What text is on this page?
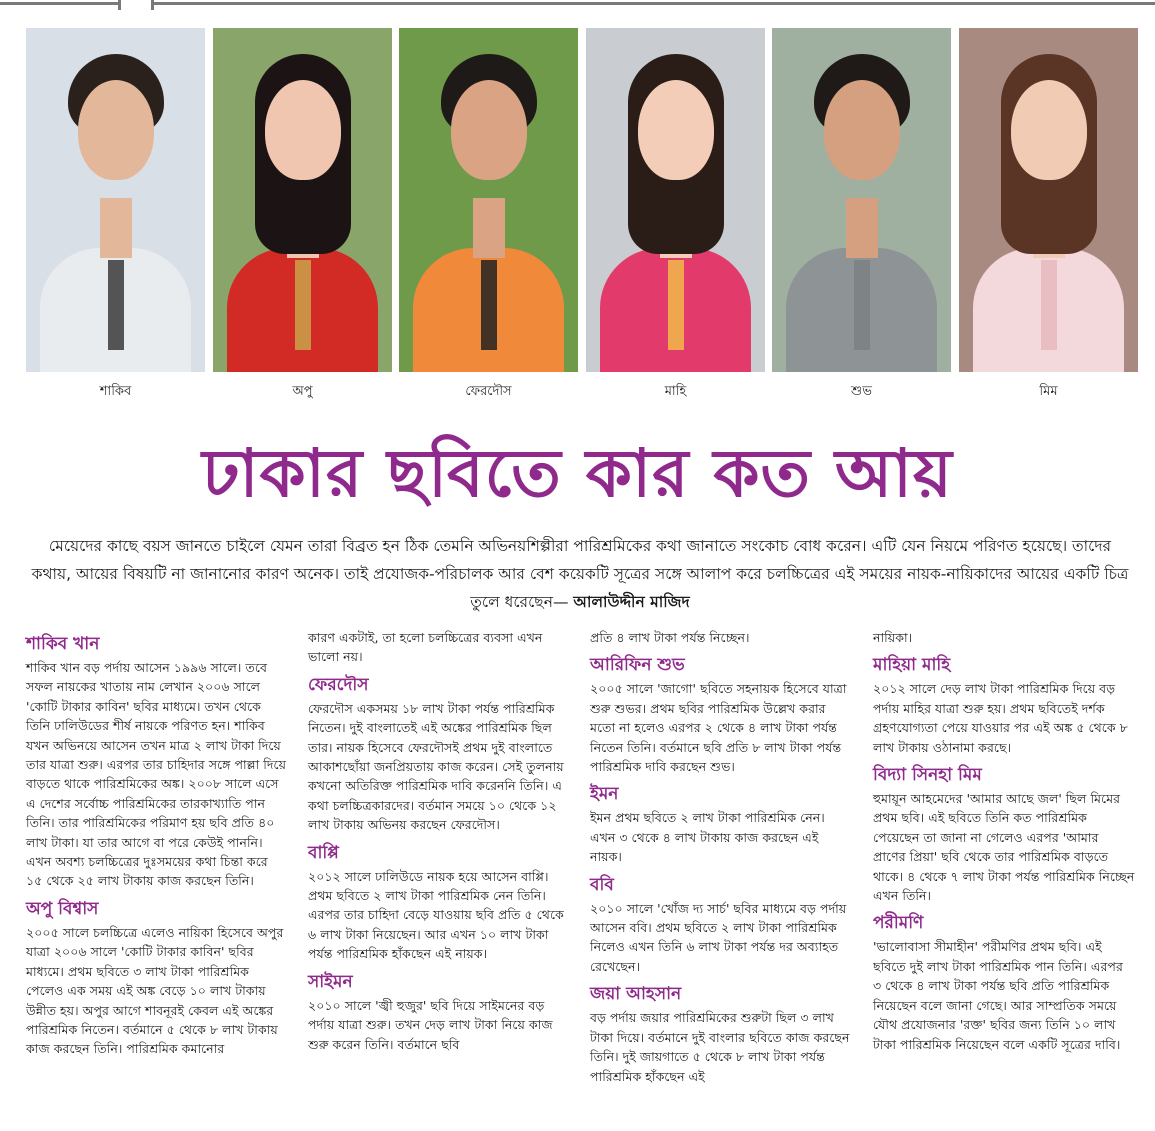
শাকিব	অপু	ফেরদৌস	মাহি	শুভ	মিম
ঢাকার ছবিতে কার কত আয়
মেয়েদের কাছে বয়স জানতে চাইলে যেমন তারা বিব্রত হন ঠিক তেমনি অভিনয়শিল্পীরা পারিশ্রমিকের কথা জানাতে সংকোচ বোধ করেন। এটি যেন নিয়মে পরিণত হয়েছে। তাদের কথায়, আয়ের বিষয়টি না জানানোর কারণ অনেক। তাই প্রযোজক-পরিচালক আর বেশ কয়েকটি সূত্রের সঙ্গে আলাপ করে চলচ্চিত্রের এই সময়ের নায়ক-নায়িকাদের আয়ের একটি চিত্র তুলে ধরেছেন— আলাউদ্দীন মাজিদ
শাকিব খান

শাকিব খান বড় পর্দায় আসেন ১৯৯৬ সালে। তবে সফল নায়কের খাতায় নাম লেখান ২০০৬ সালে 'কোটি টাকার কাবিন' ছবির মাধ্যমে। তখন থেকে তিনি ঢালিউডের শীর্ষ নায়কে পরিণত হন। শাকিব যখন অভিনয়ে আসেন তখন মাত্র ২ লাখ টাকা দিয়ে তার যাত্রা শুরু। এরপর তার চাহিদার সঙ্গে পাল্লা দিয়ে বাড়তে থাকে পারিশ্রমিকের অঙ্ক। ২০০৮ সালে এসে এ দেশের সর্বোচ্চ পারিশ্রমিকের তারকাখ্যাতি পান তিনি। তার পারিশ্রমিকের পরিমাণ হয় ছবি প্রতি ৪০ লাখ টাকা। যা তার আগে বা পরে কেউই পাননি। এখন অবশ্য চলচ্চিত্রের দুঃসময়ের কথা চিন্তা করে ১৫ থেকে ২৫ লাখ টাকায় কাজ করছেন তিনি।

অপু বিশ্বাস

২০০৫ সালে চলচ্চিত্রে এলেও নায়িকা হিসেবে অপুর যাত্রা ২০০৬ সালে 'কোটি টাকার কাবিন' ছবির মাধ্যমে। প্রথম ছবিতে ৩ লাখ টাকা পারিশ্রমিক পেলেও এক সময় এই অঙ্ক বেড়ে ১০ লাখ টাকায় উন্নীত হয়। অপুর আগে শাবনূরই কেবল এই অঙ্কের পারিশ্রমিক নিতেন। বর্তমানে ৫ থেকে ৮ লাখ টাকায় কাজ করছেন তিনি। পারিশ্রমিক কমানোর

কারণ একটাই, তা হলো চলচ্চিত্রের ব্যবসা এখন ভালো নয়।

ফেরদৌস

ফেরদৌস একসময় ১৮ লাখ টাকা পর্যন্ত পারিশ্রমিক নিতেন। দুই বাংলাতেই এই অঙ্কের পারিশ্রমিক ছিল তার। নায়ক হিসেবে ফেরদৌসই প্রথম দুই বাংলাতে আকাশছোঁয়া জনপ্রিয়তায় কাজ করেন। সেই তুলনায় কখনো অতিরিক্ত পারিশ্রমিক দাবি করেননি তিনি। এ কথা চলচ্চিত্রকারদের। বর্তমান সময়ে ১০ থেকে ১২ লাখ টাকায় অভিনয় করছেন ফেরদৌস।

বাপ্পি

২০১২ সালে ঢালিউডে নায়ক হয়ে আসেন বাপ্পি। প্রথম ছবিতে ২ লাখ টাকা পারিশ্রমিক নেন তিনি। এরপর তার চাহিদা বেড়ে যাওয়ায় ছবি প্রতি ৫ থেকে ৬ লাখ টাকা নিয়েছেন। আর এখন ১০ লাখ টাকা পর্যন্ত পারিশ্রমিক হাঁকছেন এই নায়ক।

সাইমন

২০১০ সালে 'জ্বী হুজুর' ছবি দিয়ে সাইমনের বড় পর্দায় যাত্রা শুরু। তখন দেড় লাখ টাকা নিয়ে কাজ শুরু করেন তিনি। বর্তমানে ছবি

প্রতি ৪ লাখ টাকা পর্যন্ত নিচ্ছেন।

আরিফিন শুভ

২০০৫ সালে 'জাগো' ছবিতে সহনায়ক হিসেবে যাত্রা শুরু শুভর। প্রথম ছবির পারিশ্রমিক উল্লেখ করার মতো না হলেও এরপর ২ থেকে ৪ লাখ টাকা পর্যন্ত নিতেন তিনি। বর্তমানে ছবি প্রতি ৮ লাখ টাকা পর্যন্ত পারিশ্রমিক দাবি করছেন শুভ।

ইমন

ইমন প্রথম ছবিতে ২ লাখ টাকা পারিশ্রমিক নেন। এখন ৩ থেকে ৪ লাখ টাকায় কাজ করছেন এই নায়ক।

ববি

২০১০ সালে 'খোঁজ দ্য সার্চ' ছবির মাধ্যমে বড় পর্দায় আসেন ববি। প্রথম ছবিতে ২ লাখ টাকা পারিশ্রমিক নিলেও এখন তিনি ৬ লাখ টাকা পর্যন্ত দর অব্যাহত রেখেছেন।

জয়া আহসান

বড় পর্দায় জয়ার পারিশ্রমিকের শুরুটা ছিল ৩ লাখ টাকা দিয়ে। বর্তমানে দুই বাংলার ছবিতে কাজ করছেন তিনি। দুই জায়গাতে ৫ থেকে ৮ লাখ টাকা পর্যন্ত পারিশ্রমিক হাঁকছেন এই

নায়িকা।

মাহিয়া মাহি

২০১২ সালে দেড় লাখ টাকা পারিশ্রমিক দিয়ে বড় পর্দায় মাহির যাত্রা শুরু হয়। প্রথম ছবিতেই দর্শক গ্রহণযোগ্যতা পেয়ে যাওয়ার পর এই অঙ্ক ৫ থেকে ৮ লাখ টাকায় ওঠানামা করছে।

বিদ্যা সিনহা মিম

হুমায়ূন আহমেদের 'আমার আছে জল' ছিল মিমের প্রথম ছবি। এই ছবিতে তিনি কত পারিশ্রমিক পেয়েছেন তা জানা না গেলেও এরপর 'আমার প্রাণের প্রিয়া' ছবি থেকে তার পারিশ্রমিক বাড়তে থাকে। ৪ থেকে ৭ লাখ টাকা পর্যন্ত পারিশ্রমিক নিচ্ছেন এখন তিনি।

পরীমণি

'ভালোবাসা সীমাহীন' পরীমণির প্রথম ছবি। এই ছবিতে দুই লাখ টাকা পারিশ্রমিক পান তিনি। এরপর ৩ থেকে ৪ লাখ টাকা পর্যন্ত ছবি প্রতি পারিশ্রমিক নিয়েছেন বলে জানা গেছে। আর সাম্প্রতিক সময়ে যৌথ প্রযোজনার 'রক্ত' ছবির জন্য তিনি ১০ লাখ টাকা পারিশ্রমিক নিয়েছেন বলে একটি সূত্রের দাবি।
